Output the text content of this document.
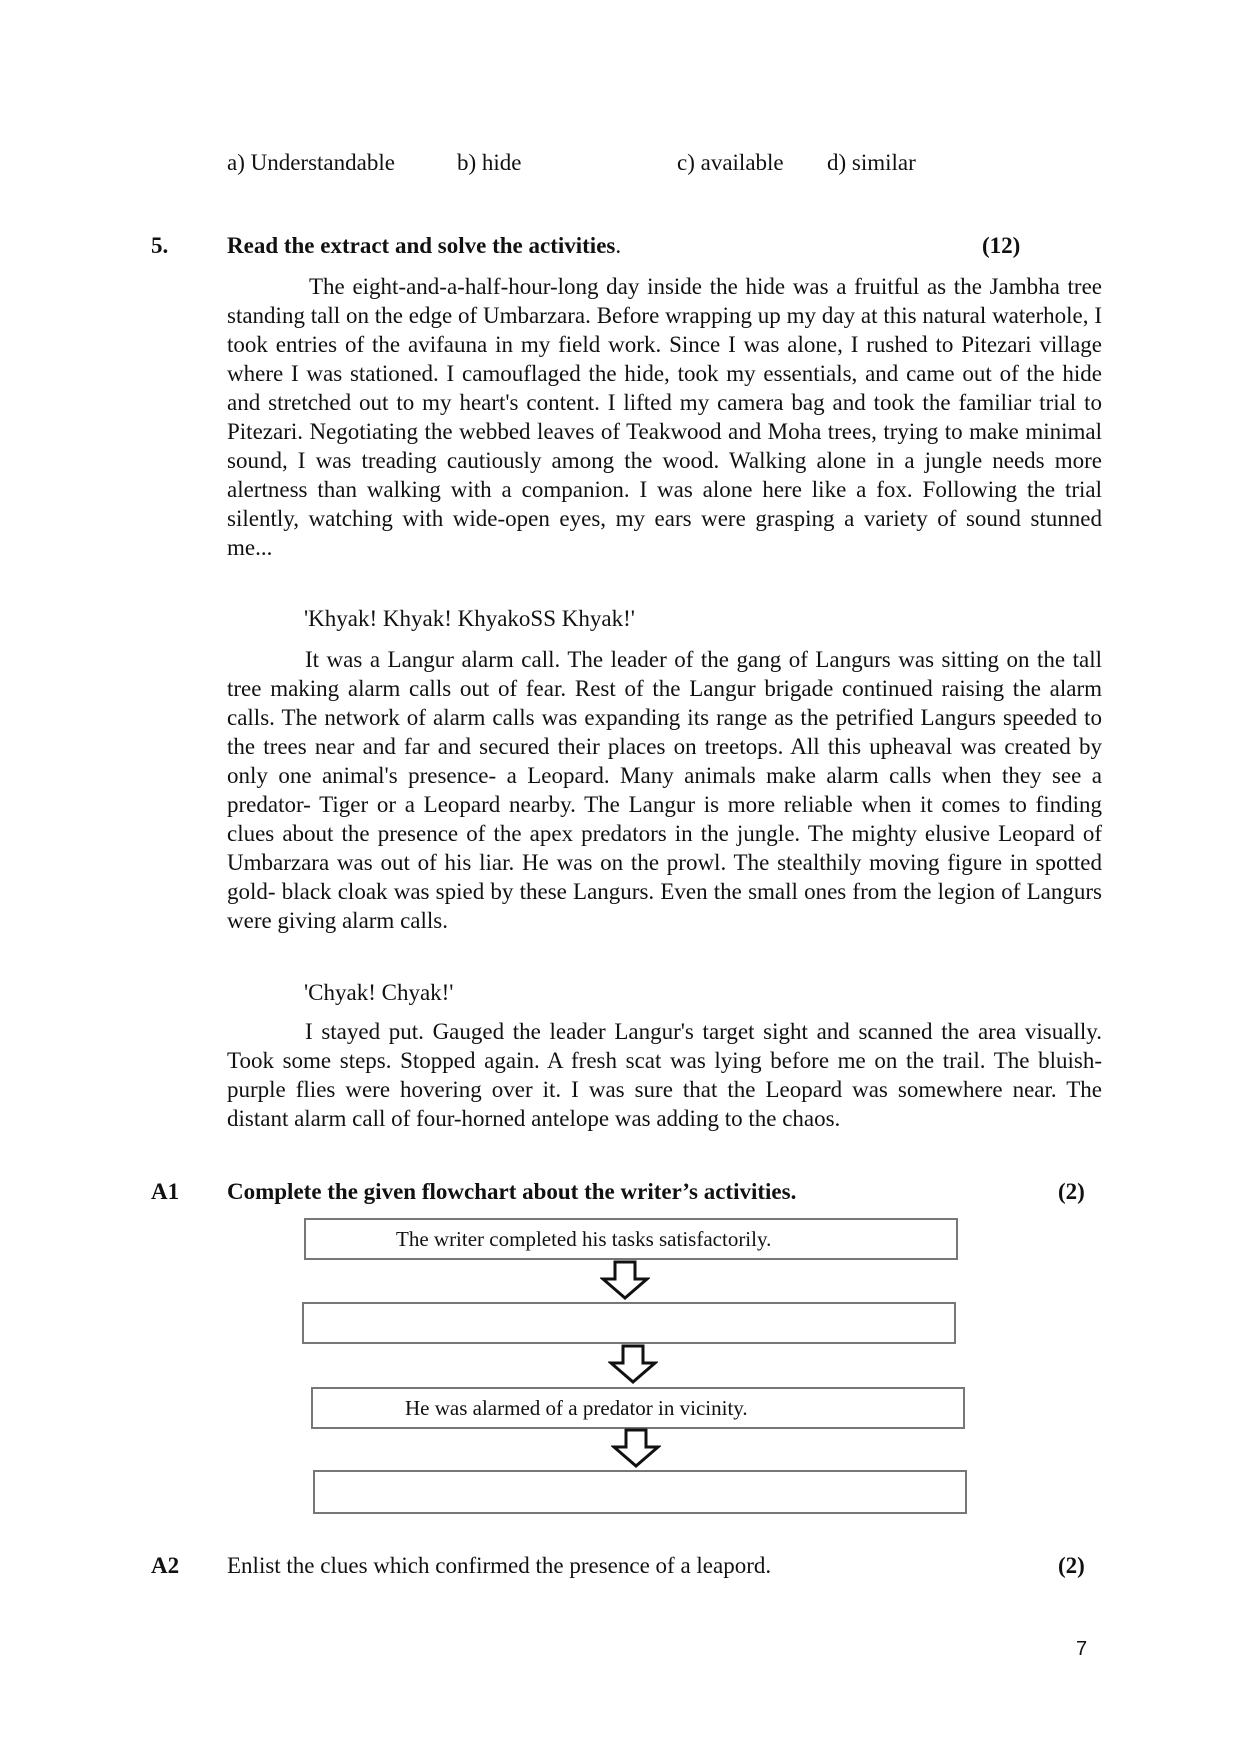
a) Understandable	b) hide	c) available d) similar
5.	Read the extract and solve the activities.	(12)

The eight-and-a-half-hour-long day inside the hide was a fruitful as the Jambha tree standing tall on the edge of Umbarzara. Before wrapping up my day at this natural waterhole, I took entries of the avifauna in my field work. Since I was alone, I rushed to Pitezari village where I was stationed. I camouflaged the hide, took my essentials, and came out of the hide and stretched out to my heart's content. I lifted my camera bag and took the familiar trial to Pitezari. Negotiating the webbed leaves of Teakwood and Moha trees, trying to make minimal sound, I was treading cautiously among the wood. Walking alone in a jungle needs more alertness than walking with a companion. I was alone here like a fox. Following the trial silently, watching with wide-open eyes, my ears were grasping a variety of sound stunned me...

'Khyak! Khyak! KhyakoSS Khyak!'

It was a Langur alarm call. The leader of the gang of Langurs was sitting on the tall tree making alarm calls out of fear. Rest of the Langur brigade continued raising the alarm calls. The network of alarm calls was expanding its range as the petrified Langurs speeded to the trees near and far and secured their places on treetops. All this upheaval was created by only one animal's presence- a Leopard. Many animals make alarm calls when they see a predator- Tiger or a Leopard nearby. The Langur is more reliable when it comes to finding clues about the presence of the apex predators in the jungle. The mighty elusive Leopard of Umbarzara was out of his liar. He was on the prowl. The stealthily moving figure in spotted gold- black cloak was spied by these Langurs. Even the small ones from the legion of Langurs were giving alarm calls.

'Chyak! Chyak!'

I stayed put. Gauged the leader Langur's target sight and scanned the area visually. Took some steps. Stopped again. A fresh scat was lying before me on the trail. The bluish-purple flies were hovering over it. I was sure that the Leopard was somewhere near. The distant alarm call of four-horned antelope was adding to the chaos.

A1 Complete the given flowchart about the writer’s activities.	(2)
The writer completed his tasks satisfactorily.
He was alarmed of a predator in vicinity.
A2 Enlist the clues which confirmed the presence of a leapord.	(2)
7
